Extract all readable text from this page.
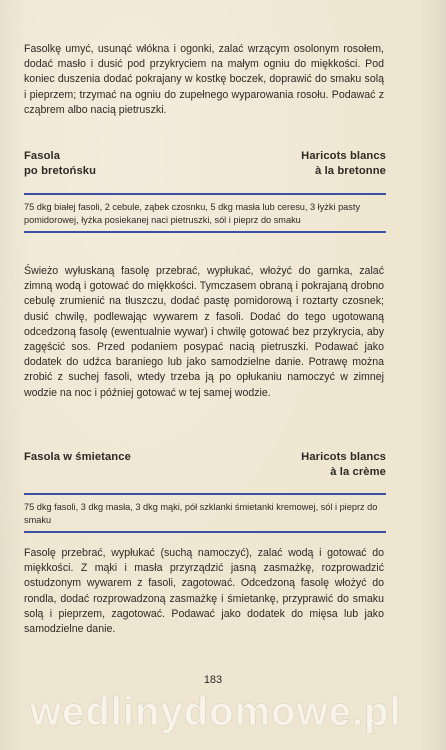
Fasolkę umyć, usunąć włókna i ogonki, zalać wrzącym osolonym rosołem, dodać masło i dusić pod przykryciem na małym ogniu do miękkości. Pod koniec duszenia dodać pokrajany w kostkę boczek, doprawić do smaku solą i pieprzem; trzymać na ogniu do zupełnego wyparowania rosołu. Podawać z cząbrem albo nacią pietruszki.
Fasola
po bretońsku
Haricots blancs
à la bretonne
75 dkg białej fasoli, 2 cebule, ząbek czosnku, 5 dkg masła lub ceresu, 3 łyżki pasty pomidorowej, łyżka posiekanej naci pietruszki, sól i pieprz do smaku
Świeżo wyłuskaną fasolę przebrać, wypłukać, włożyć do garnka, zalać zimną wodą i gotować do miękkości. Tymczasem obraną i pokrajaną drobno cebulę zrumienić na tłuszczu, dodać pastę pomidorową i roztarty czosnek; dusić chwilę, podlewając wywarem z fasoli. Dodać do tego ugotowaną odcedzoną fasolę (ewentualnie wywar) i chwilę gotować bez przykrycia, aby zagęścić sos. Przed podaniem posypać nacią pietruszki. Podawać jako dodatek do udźca baraniego lub jako samodzielne danie. Potrawę można zrobić z suchej fasoli, wtedy trzeba ją po opłukaniu namoczyć w zimnej wodzie na noc i później gotować w tej samej wodzie.
Fasola w śmietance	Haricots blancs
à la crème
75 dkg fasoli, 3 dkg masła, 3 dkg mąki, pół szklanki śmietanki kremowej, sól i pieprz do smaku
Fasolę przebrać, wypłukać (suchą namoczyć), zalać wodą i gotować do miękkości. Z mąki i masła przyrządzić jasną zasmażkę, rozprowadzić ostudzonym wywarem z fasoli, zagotować. Odcedzoną fasolę włożyć do rondla, dodać rozprowadzoną zasmażkę i śmietankę, przyprawić do smaku solą i pieprzem, zagotować. Podawać jako dodatek do mięsa lub jako samodzielne danie.
183
wedlinydomowe.pl
